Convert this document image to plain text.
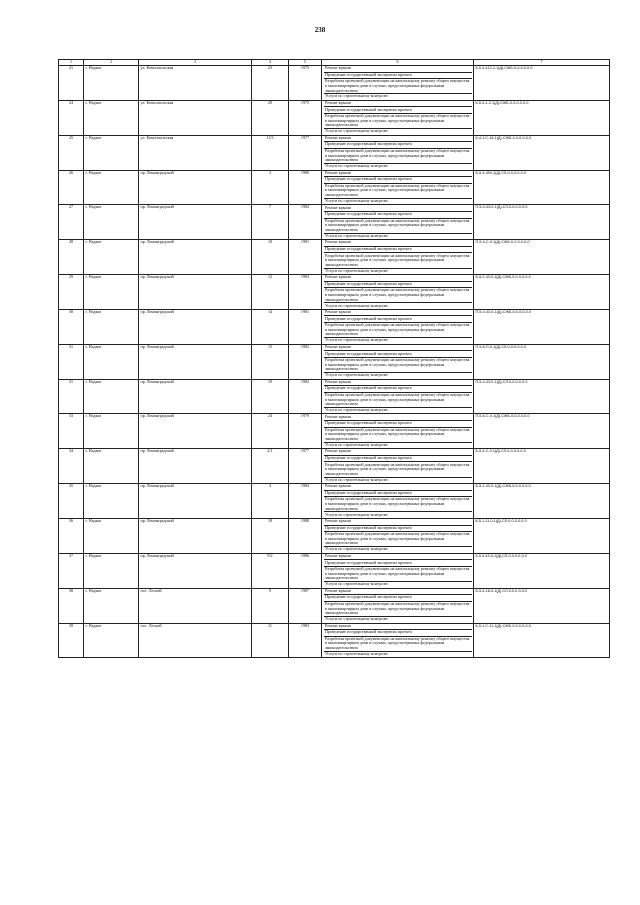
238
1	2	3	4	5	6	7
21	г. Надым	ул. Комсомольская	23	1975	Ремонт крыши
Проведение государственной экспертизы проекта
Разработка проектной документации на капитальному ремонту общего имущества в многоквартирном доме в случаях, предусмотренных федеральным законодательством
Услуги по строительному контролю	К-5-3-413-2-1(Д)-СЖБ-0-0-0-0-0-0
24	г. Надым	ул. Комсомольская	29	1975	Ремонт крыши
Проведение государственной экспертизы проекта
Разработка проектной документации на капитальному ремонту общего имущества в многоквартирном доме в случаях, предусмотренных федеральным законодательством
Услуги по строительному контролю	К-5-4-1-2-1(Д)-СЖБ-0-0-0-0-0-0
25	г. Надым	ул. Комсомольская	11/3	1977	Ремонт крыши
Проведение государственной экспертизы проекта
Разработка проектной документации на капитальному ремонту общего имущества в многоквартирном доме в случаях, предусмотренных федеральным законодательством
Услуги по строительному контролю	К-4-1-С-18-1(Д)-СЖБ-0-0-0-0-0-0
26	г. Надым	пр. Ленинградский	3	1980	Ремонт крыши
Проведение государственной экспертизы проекта
Разработка проектной документации на капитальному ремонту общего имущества в многоквартирном доме в случаях, предусмотренных федеральным законодательством
Услуги по строительному контролю	Б-5-4-494-1(Д)-СЛ-0-0-0-0-0-0
27	г. Надым	пр. Ленинградский	7	1982	Ремонт крыши
Проведение государственной экспертизы проекта
Разработка проектной документации на капитальному ремонту общего имущества в многоквартирном доме в случаях, предусмотренных федеральным законодательством
Услуги по строительному контролю	П-5-4-43-0-1(Д)-СЛ-0-0-0-0-0-0
28	г. Надым	пр. Ленинградский	10	1981	Ремонт крыши
Проведение государственной экспертизы проекта
Разработка проектной документации на капитальному ремонту общего имущества в многоквартирном доме в случаях, предусмотренных федеральным законодательством
Услуги по строительному контролю	П-5-4-С-0-1(Д)-СЖБ-0-0-0-0-0-0
29	г. Надым	пр. Ленинградский	12	1983	Ремонт крыши
Проведение государственной экспертизы проекта
Разработка проектной документации на капитальному ремонту общего имущества в многоквартирном доме в случаях, предусмотренных федеральным законодательством
Услуги по строительному контролю	Б-5-2-43-0-1(Д)-СЖБ-0-0-0-0-0-0
30	г. Надым	пр. Ленинградский	14	1981	Ремонт крыши
Проведение государственной экспертизы проекта
Разработка проектной документации на капитальному ремонту общего имущества в многоквартирном доме в случаях, предусмотренных федеральным законодательством
Услуги по строительному контролю	П-5-4-43-0-1(Д)-СЖБ-0-0-0-0-0-0
31	г. Надым	пр. Ленинградский	15	1982	Ремонт крыши
Проведение государственной экспертизы проекта
Разработка проектной документации на капитальному ремонту общего имущества в многоквартирном доме в случаях, предусмотренных федеральным законодательством
Услуги по строительному контролю	П-5-6-П-0-1(Д)-СЛ-0-0-0-0-0-0
31	г. Надым	пр. Ленинградский	19	1982	Ремонт крыши
Проведение государственной экспертизы проекта
Разработка проектной документации на капитальному ремонту общего имущества в многоквартирном доме в случаях, предусмотренных федеральным законодательством
Услуги по строительному контролю	П-5-4-43-0-1(Д)-СЛ-0-0-0-0-0-0
33	г. Надым	пр. Ленинградский	24	1979	Ремонт крыши
Проведение государственной экспертизы проекта
Разработка проектной документации на капитальному ремонту общего имущества в многоквартирном доме в случаях, предусмотренных федеральным законодательством
Услуги по строительному контролю	П-5-6-С-0-1(Д)-СЖБ-0-0-0-0-0-0
34	г. Надым	пр. Ленинградский	2/1	1977	Ремонт крыши
Проведение государственной экспертизы проекта
Разработка проектной документации на капитальному ремонту общего имущества в многоквартирном доме в случаях, предусмотренных федеральным законодательством
Услуги по строительному контролю	Б-5-4-С-0-1(Д)-СЛ-0-0-0-0-0-0
35	г. Надым	пр. Ленинградский	4	1984	Ремонт крыши
Проведение государственной экспертизы проекта
Разработка проектной документации на капитальному ремонту общего имущества в многоквартирном доме в случаях, предусмотренных федеральным законодательством
Услуги по строительному контролю	Б-5-1-43-0-1(Д)-СЖБ-0-0-0-0-0-0
36	г. Надым	пр. Ленинградский	18	1988	Ремонт крыши
Проведение государственной экспертизы проекта
Разработка проектной документации на капитальному ремонту общего имущества в многоквартирном доме в случаях, предусмотренных федеральным законодательством
Услуги по строительному контролю	К-5-1-11-0-1(Д)-СЛ-0-0-0-0-0-0
37	г. Надым	пр. Ленинградский	9/2	1986	Ремонт крыши
Проведение государственной экспертизы проекта
Разработка проектной документации на капитальному ремонту общего имущества в многоквартирном доме в случаях, предусмотренных федеральным законодательством
Услуги по строительному контролю	К-5-4-43-0-1(Д)-СЛ-0-0-0-0-0-0
38	г. Надым	пос. Лесной	9	1987	Ремонт крыши
Проведение государственной экспертизы проекта
Разработка проектной документации на капитальному ремонту общего имущества в многоквартирном доме в случаях, предусмотренных федеральным законодательством
Услуги по строительному контролю	Б-5-4-18-0-1(Д)-СЛ-0-0-0-0-0-0
39	г. Надым	пос. Лесной	11	1983	Ремонт крыши
Проведение государственной экспертизы проекта
Разработка проектной документации на капитальному ремонту общего имущества в многоквартирном доме в случаях, предусмотренных федеральным законодательством
Услуги по строительному контролю	К-5-1-С-11-1(Д)-СЖБ-0-0-0-0-0-0
